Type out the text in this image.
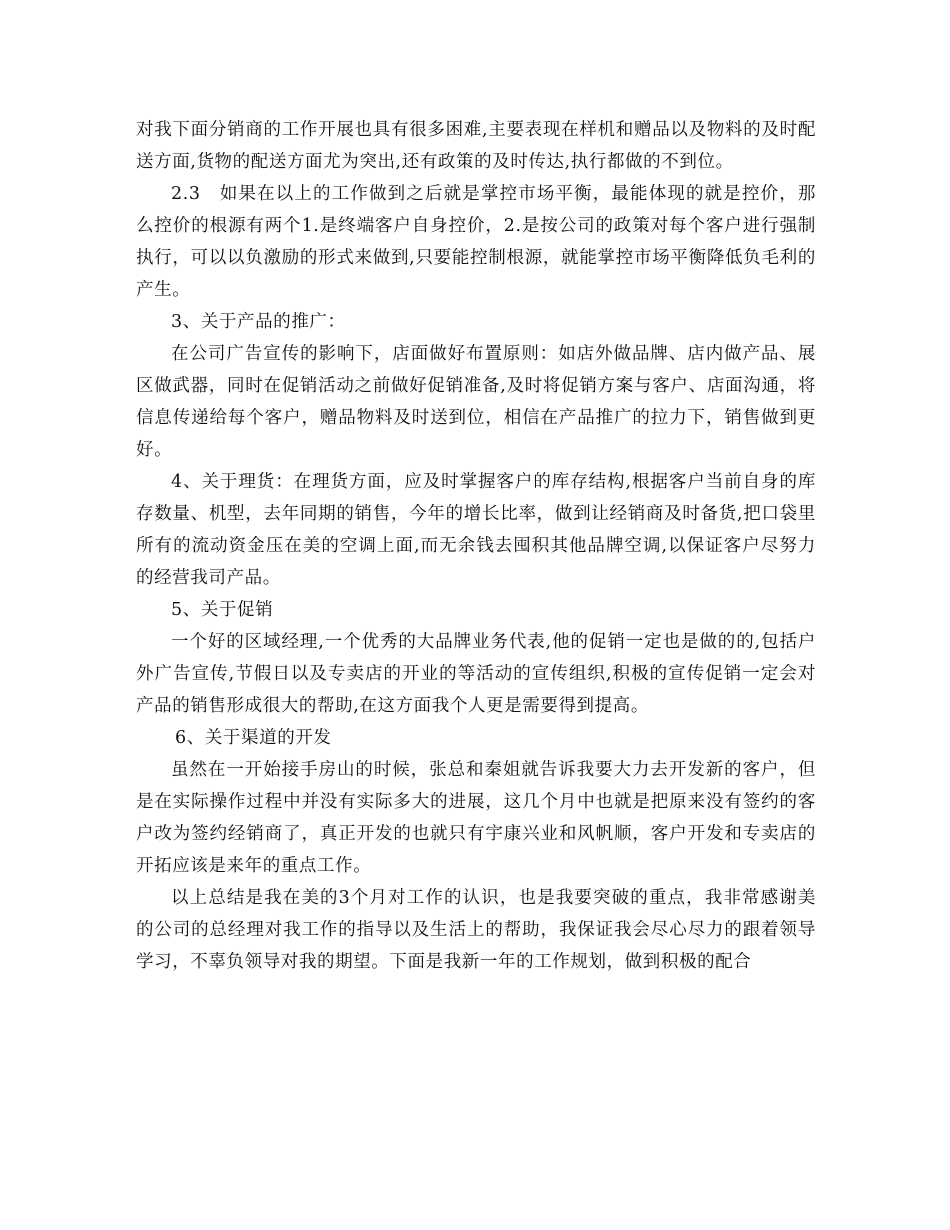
对我下面分销商的工作开展也具有很多困难,主要表现在样机和赠品以及物料的及时配送方面,货物的配送方面尤为突出,还有政策的及时传达,执行都做的不到位。

2.3　如果在以上的工作做到之后就是掌控市场平衡，最能体现的就是控价，那么控价的根源有两个1.是终端客户自身控价，2.是按公司的政策对每个客户进行强制执行，可以以负激励的形式来做到,只要能控制根源，就能掌控市场平衡降低负毛利的产生。

3、关于产品的推广：

在公司广告宣传的影响下，店面做好布置原则：如店外做品牌、店内做产品、展区做武器，同时在促销活动之前做好促销准备,及时将促销方案与客户、店面沟通，将信息传递给每个客户，赠品物料及时送到位，相信在产品推广的拉力下，销售做到更好。

4、关于理货：在理货方面，应及时掌握客户的库存结构,根据客户当前自身的库存数量、机型，去年同期的销售，今年的增长比率，做到让经销商及时备货,把口袋里所有的流动资金压在美的空调上面,而无余钱去囤积其他品牌空调,以保证客户尽努力的经营我司产品。

5、关于促销

一个好的区域经理,一个优秀的大品牌业务代表,他的促销一定也是做的的,包括户外广告宣传,节假日以及专卖店的开业的等活动的宣传组织,积极的宣传促销一定会对产品的销售形成很大的帮助,在这方面我个人更是需要得到提高。

6、关于渠道的开发

虽然在一开始接手房山的时候，张总和秦姐就告诉我要大力去开发新的客户，但是在实际操作过程中并没有实际多大的进展，这几个月中也就是把原来没有签约的客户改为签约经销商了，真正开发的也就只有宇康兴业和风帆顺，客户开发和专卖店的开拓应该是来年的重点工作。

以上总结是我在美的3个月对工作的认识，也是我要突破的重点，我非常感谢美的公司的总经理对我工作的指导以及生活上的帮助，我保证我会尽心尽力的跟着领导学习，不辜负领导对我的期望。下面是我新一年的工作规划，做到积极的配合
